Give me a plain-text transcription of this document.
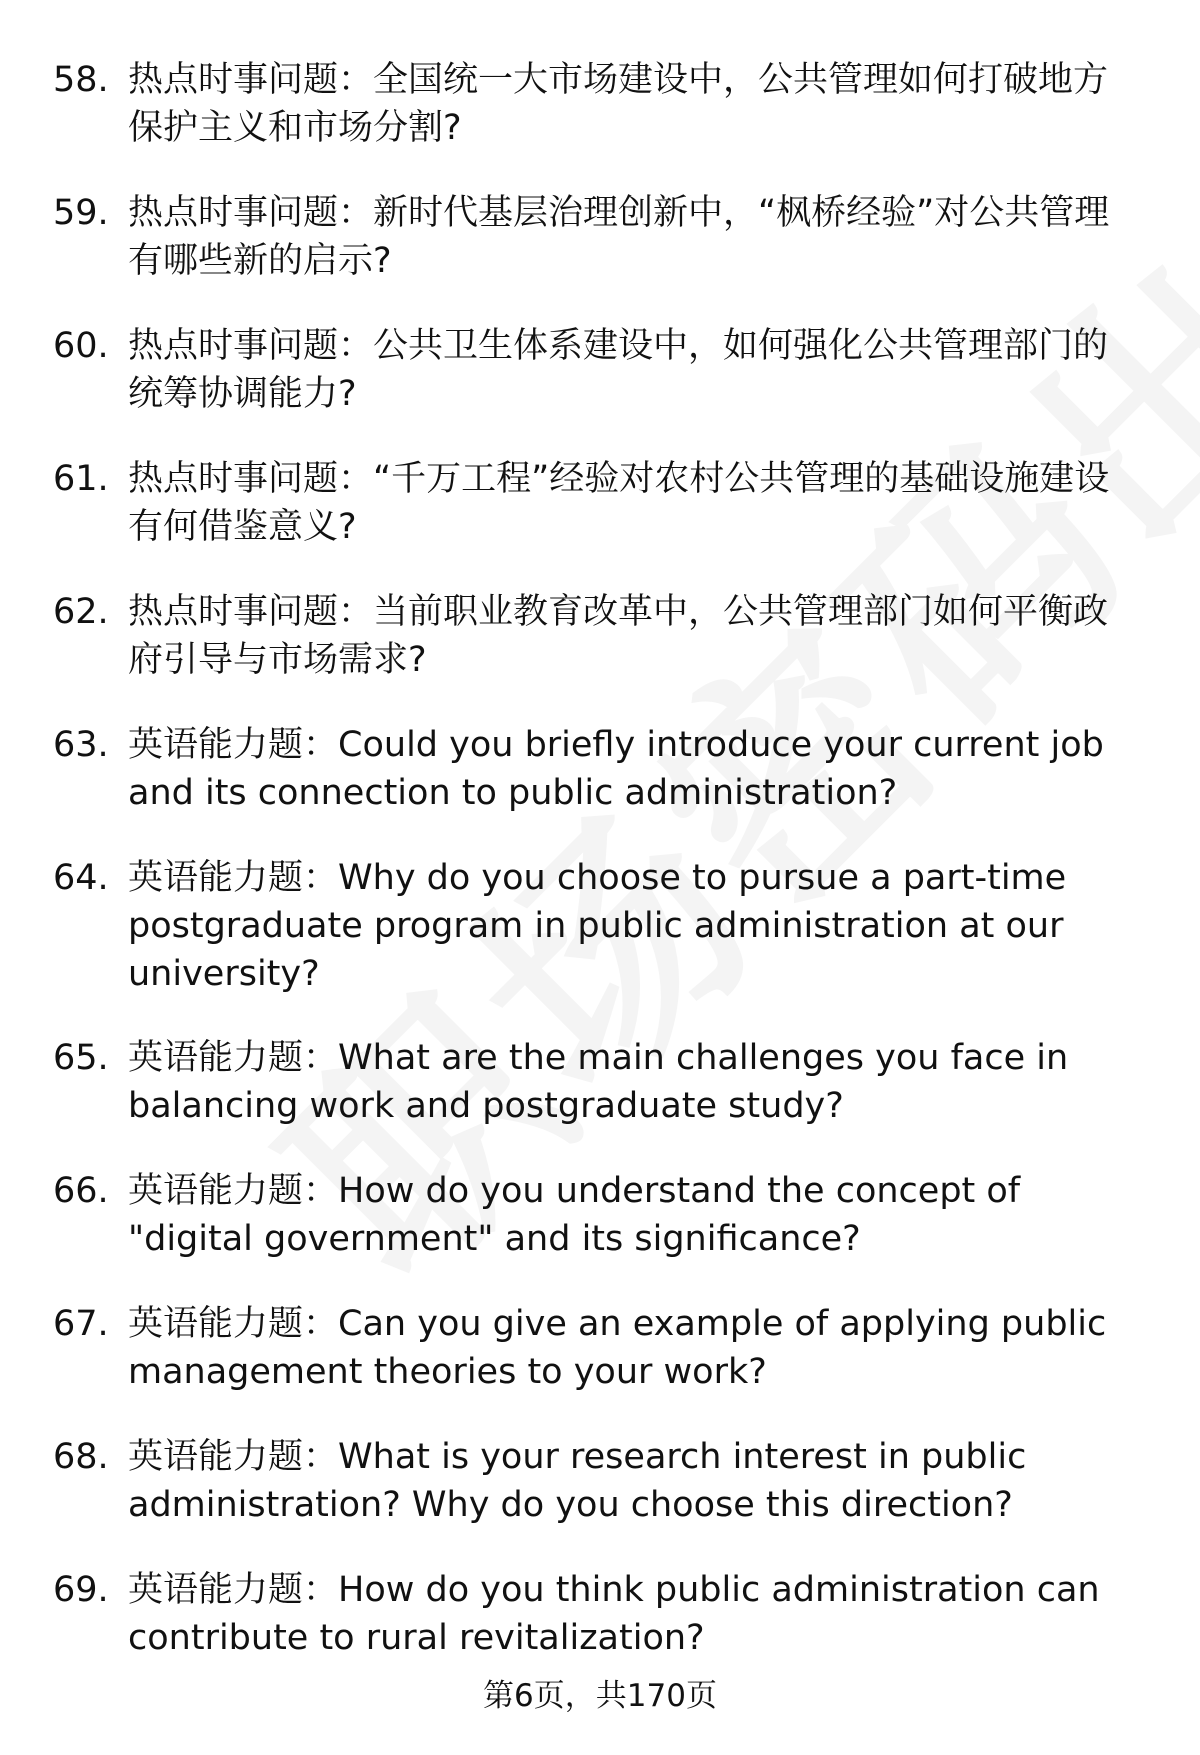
58. 热点时事问题：全国统一大市场建设中，公共管理如何打破地方保护主义和市场分割?
59. 热点时事问题：新时代基层治理创新中，“枫桥经验”对公共管理有哪些新的启示?
60. 热点时事问题：公共卫生体系建设中，如何强化公共管理部门的统筹协调能力?
61. 热点时事问题：“千万工程”经验对农村公共管理的基础设施建设有何借鉴意义?
62. 热点时事问题：当前职业教育改革中，公共管理部门如何平衡政府引导与市场需求?
63. 英语能力题：Could you briefly introduce your current job and its connection to public administration?
64. 英语能力题：Why do you choose to pursue a part-time postgraduate program in public administration at our university?
65. 英语能力题：What are the main challenges you face in balancing work and postgraduate study?
66. 英语能力题：How do you understand the concept of "digital government" and its significance?
67. 英语能力题：Can you give an example of applying public management theories to your work?
68. 英语能力题：What is your research interest in public administration? Why do you choose this direction?
69. 英语能力题：How do you think public administration can contribute to rural revitalization?
第6页，共170页
